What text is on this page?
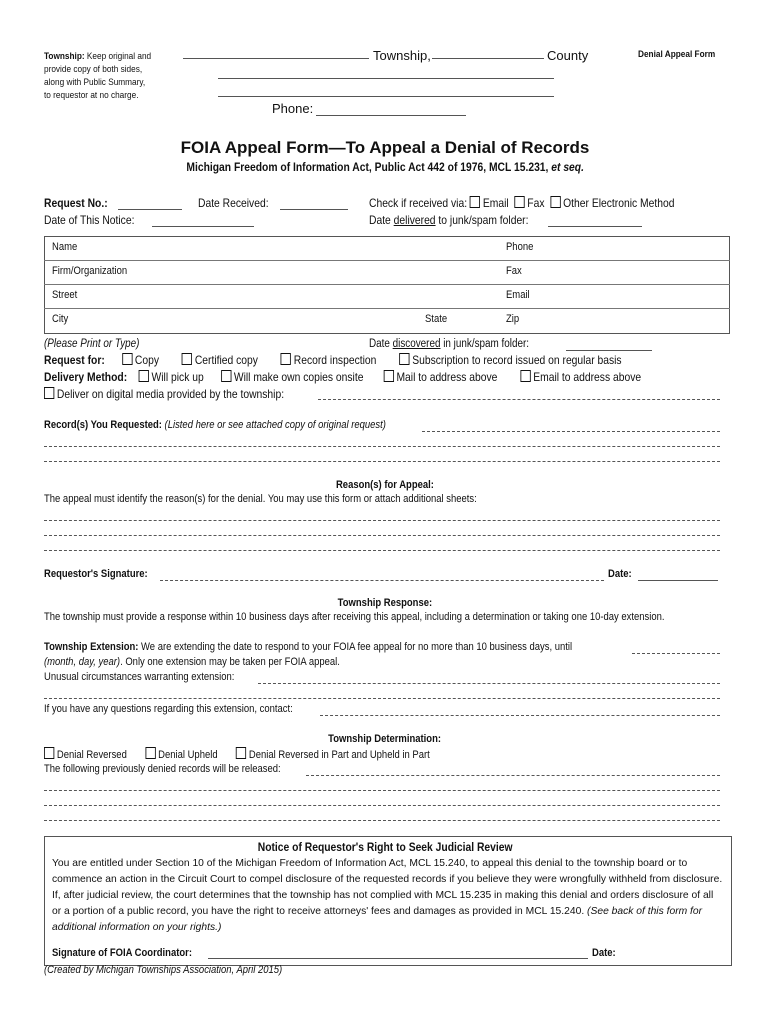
Township: Keep original and
provide copy of both sides,
along with Public Summary,
to requestor at no charge.
Township,	County	Denial Appeal Form
Phone:
FOIA Appeal Form—To Appeal a Denial of Records
Michigan Freedom of Information Act, Public Act 442 of 1976, MCL 15.231, et seq.
Request No.:	Date Received:
Date of This Notice:
Check if received via: Email Fax Other Electronic Method
Date delivered to junk/spam folder:
Name	Phone
Firm/Organization	Fax
Street	Email
City	State	Zip
(Please Print or Type)	Date discovered in junk/spam folder:
Request for:	Copy	Certified copy	Record inspection	Subscription to record issued on regular basis
Delivery Method: Will pick up	Will make own copies onsite	Mail to address above	Email to address above
Deliver on digital media provided by the township:
Record(s) You Requested: (Listed here or see attached copy of original request)
Reason(s) for Appeal:
The appeal must identify the reason(s) for the denial. You may use this form or attach additional sheets:
Requestor's Signature:	Date:
Township Response:
The township must provide a response within 10 business days after receiving this appeal, including a determination or taking one 10-day extension.
Township Extension: We are extending the date to respond to your FOIA fee appeal for no more than 10 business days, until
(month, day, year). Only one extension may be taken per FOIA appeal.
Unusual circumstances warranting extension:
If you have any questions regarding this extension, contact:
Township Determination:
Denial Reversed	Denial Upheld	Denial Reversed in Part and Upheld in Part
The following previously denied records will be released:
Notice of Requestor's Right to Seek Judicial Review
You are entitled under Section 10 of the Michigan Freedom of Information Act, MCL 15.240, to appeal this denial to the township board or to commence an action in the Circuit Court to compel disclosure of the requested records if you believe they were wrongfully withheld from disclosure. If, after judicial review, the court determines that the township has not complied with MCL 15.235 in making this denial and orders disclosure of all or a portion of a public record, you have the right to receive attorneys' fees and damages as provided in MCL 15.240. (See back of this form for additional information on your rights.)
Signature of FOIA Coordinator:	Date:
(Created by Michigan Townships Association, April 2015)
